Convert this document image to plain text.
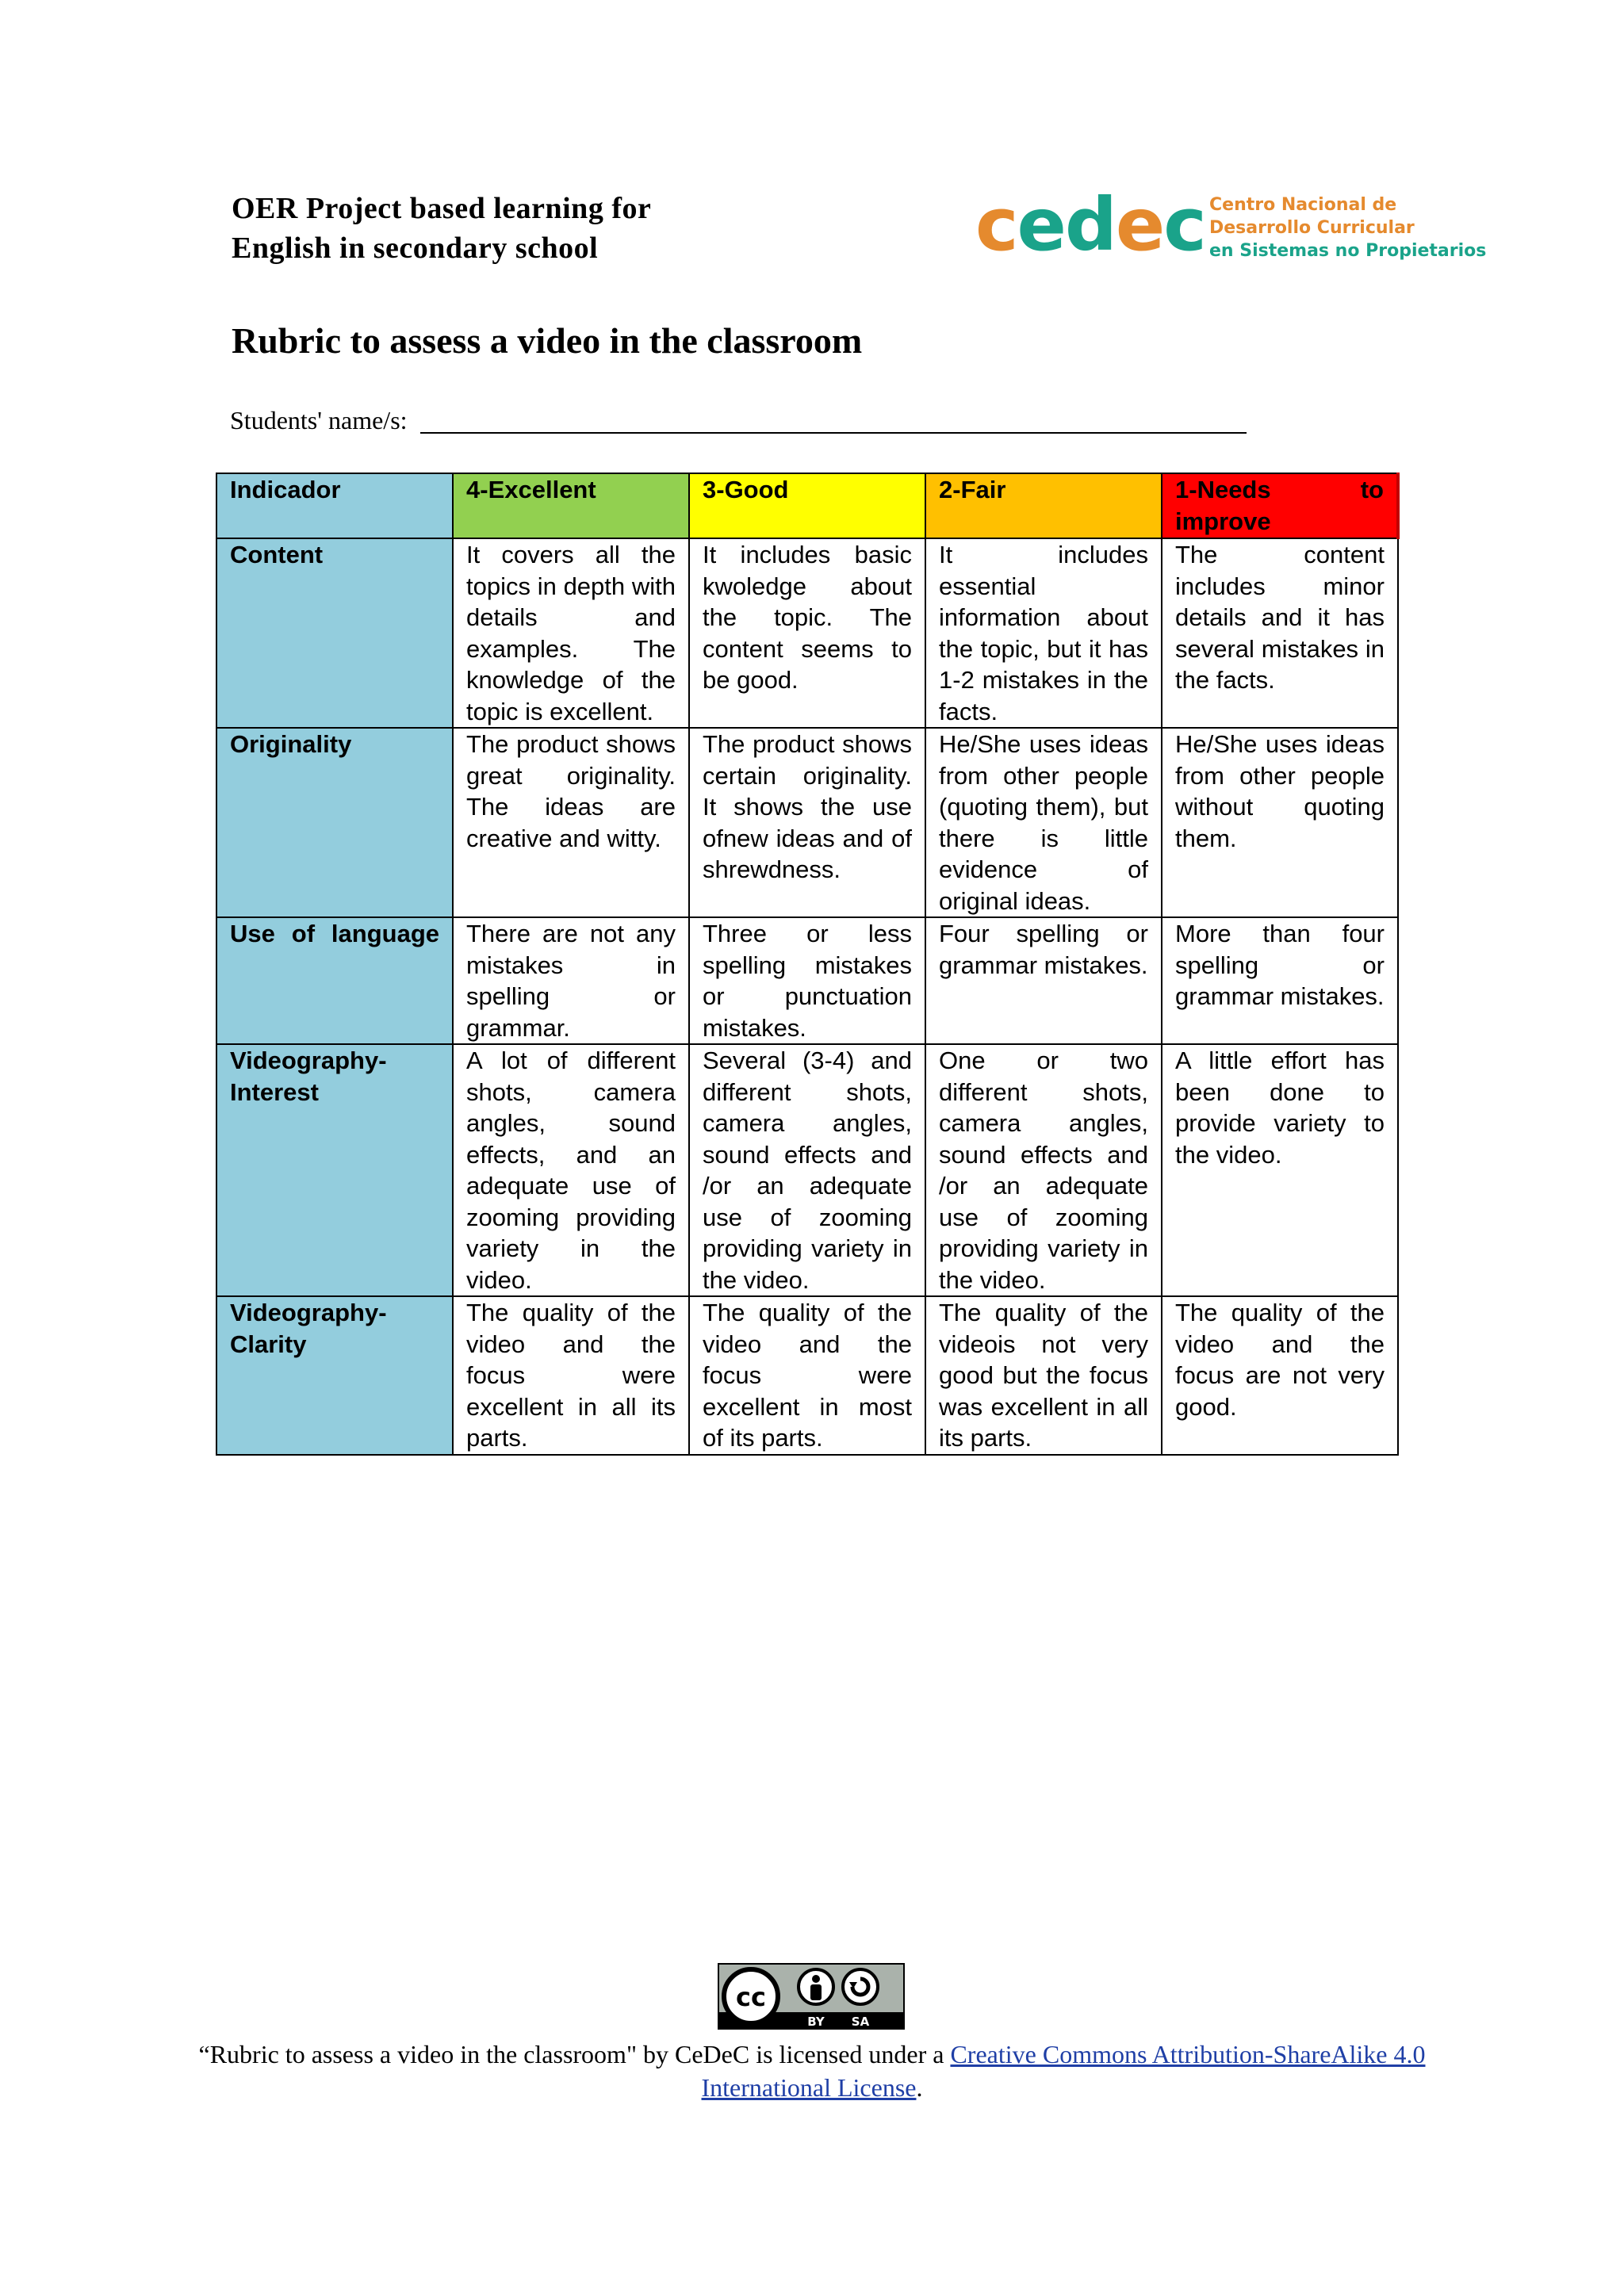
OER Project based learning for
English in secondary school	cedec Centro Nacional de
Desarrollo Curricular
en Sistemas no Propietarios
Rubric to assess a video in the classroom
Students' name/s:
Indicador	4-Excellent	3-Good	2-Fair	1-Needs to
improve

Content	It covers all the topics in depth with details and examples. The knowledge of the topic is excellent.	It includes basic kwoledge about the topic. The content seems to be good.	It includes essential information about the topic, but it has 1-2 mistakes in the facts.	The content includes minor details and it has several mistakes in the facts.
Originality	The product shows great originality. The ideas are creative and witty.	The product shows certain originality. It shows the use ofnew ideas and of shrewdness.	He/She uses ideas from other people (quoting them), but there is little evidence of original ideas.	He/She uses ideas from other people without quoting them.
Use of language	There are not any mistakes in spelling or grammar.	Three or less spelling mistakes or punctuation mistakes.	Four spelling or grammar mistakes.	More than four spelling or grammar mistakes.
Videography- Interest	A lot of different shots, camera angles, sound effects, and an adequate use of zooming providing variety in the video.	Several (3-4) and different shots, camera angles, sound effects and /or an adequate use of zooming providing variety in the video.	One or two different shots, camera angles, sound effects and /or an adequate use of zooming providing variety in the video.	A little effort has been done to provide variety to the video.
Videography- Clarity	The quality of the video and the focus were excellent in all its parts.	The quality of the video and the focus were excellent in most of its parts.	The quality of the videois not very good but the focus was excellent in all its parts.	The quality of the video and the focus are not very good.
cc
BY SA
“Rubric to assess a video in the classroom" by CeDeC is licensed under a Creative Commons Attribution-ShareAlike 4.0 International License.
